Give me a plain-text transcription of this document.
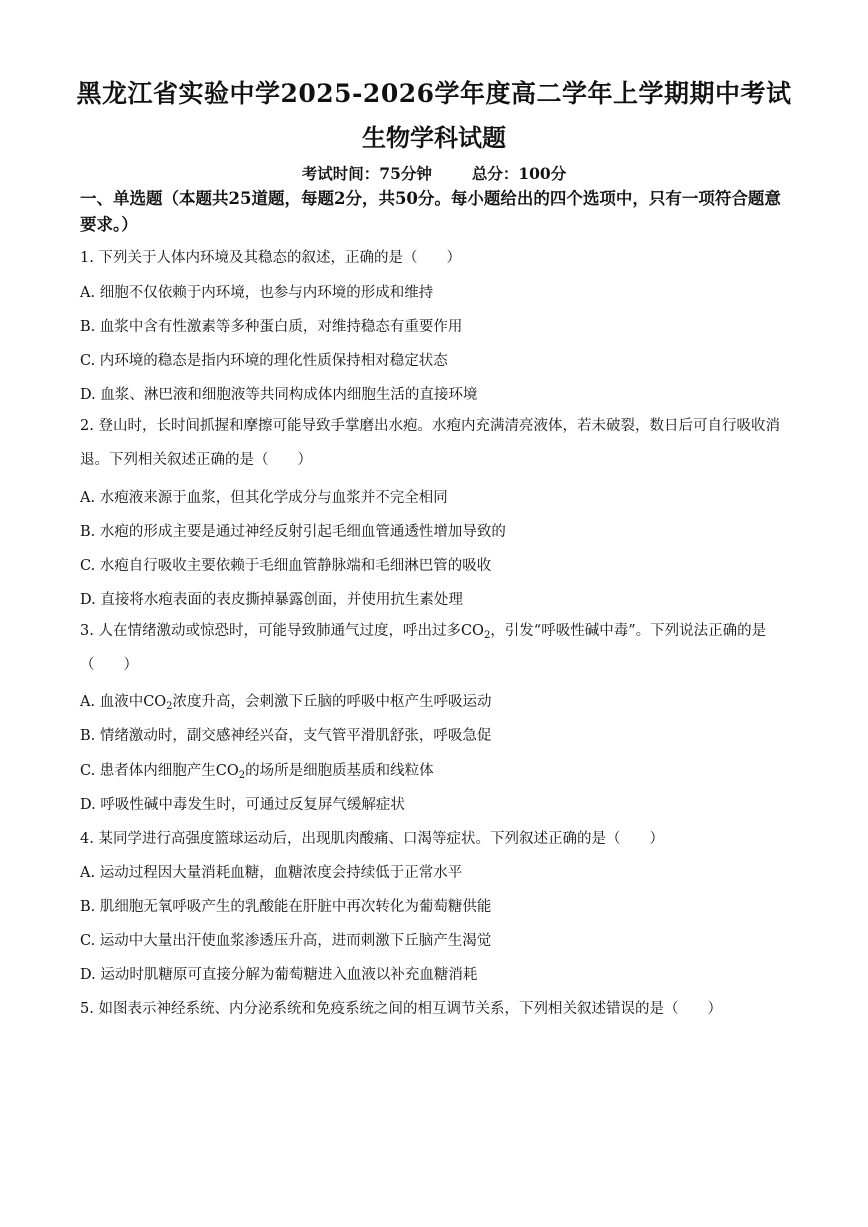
黑龙江省实验中学2025-2026学年度高二学年上学期期中考试
生物学科试题
考试时间：75分钟	总分：100分
一、单选题（本题共25道题，每题2分，共50分。每小题给出的四个选项中，只有一项符合题意要求。）
1. 下列关于人体内环境及其稳态的叙述，正确的是（　　）
A. 细胞不仅依赖于内环境，也参与内环境的形成和维持
B. 血浆中含有性激素等多种蛋白质，对维持稳态有重要作用
C. 内环境的稳态是指内环境的理化性质保持相对稳定状态
D. 血浆、淋巴液和细胞液等共同构成体内细胞生活的直接环境
2. 登山时，长时间抓握和摩擦可能导致手掌磨出水疱。水疱内充满清亮液体，若未破裂，数日后可自行吸收消退。下列相关叙述正确的是（　　）
A. 水疱液来源于血浆，但其化学成分与血浆并不完全相同
B. 水疱的形成主要是通过神经反射引起毛细血管通透性增加导致的
C. 水疱自行吸收主要依赖于毛细血管静脉端和毛细淋巴管的吸收
D. 直接将水疱表面的表皮撕掉暴露创面，并使用抗生素处理
3. 人在情绪激动或惊恐时，可能导致肺通气过度，呼出过多$CO_2$，引发“呼吸性碱中毒”。下列说法正确的是（　　）
A. 血液中$CO_2$浓度升高，会刺激下丘脑的呼吸中枢产生呼吸运动
B. 情绪激动时，副交感神经兴奋，支气管平滑肌舒张，呼吸急促
C. 患者体内细胞产生$CO_2$的场所是细胞质基质和线粒体
D. 呼吸性碱中毒发生时，可通过反复屏气缓解症状
4. 某同学进行高强度篮球运动后，出现肌肉酸痛、口渴等症状。下列叙述正确的是（　　）
A. 运动过程因大量消耗血糖，血糖浓度会持续低于正常水平
B. 肌细胞无氧呼吸产生的乳酸能在肝脏中再次转化为葡萄糖供能
C. 运动中大量出汗使血浆渗透压升高，进而刺激下丘脑产生渴觉
D. 运动时肌糖原可直接分解为葡萄糖进入血液以补充血糖消耗
5. 如图表示神经系统、内分泌系统和免疫系统之间的相互调节关系，下列相关叙述错误的是（　　）
